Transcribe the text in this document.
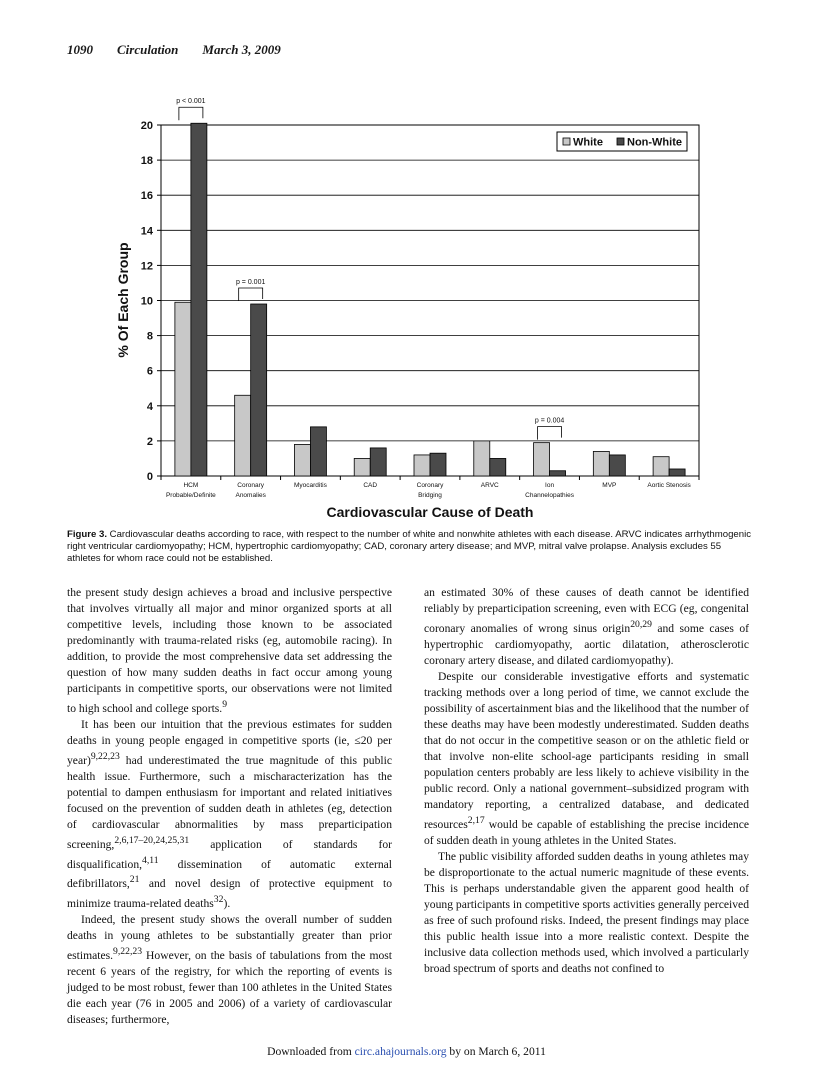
1090 Circulation March 3, 2009
0
2
4
6
8
10
12
14
16
18
20
HCM
Probable/Definite
Coronary
Anomalies
Myocarditis	CAD	Coronary
Bridging
ARVC	Ion
Channelopathies
MVP	Aortic Stenosis
p < 0.001
p = 0.001
p = 0.004
White Non-White
Cardiovascular Cause of Death
% Of Each Group
Figure 3. Cardiovascular deaths according to race, with respect to the number of white and nonwhite athletes with each disease. ARVC indicates arrhythmogenic right ventricular cardiomyopathy; HCM, hypertrophic cardiomyopathy; CAD, coronary artery disease; and MVP, mitral valve prolapse. Analysis excludes 55 athletes for whom race could not be established.

the present study design achieves a broad and inclusive perspective that involves virtually all major and minor organized sports at all competitive levels, including those known to be associated predominantly with trauma-related risks (eg, automobile racing). In addition, to provide the most comprehensive data set addressing the question of how many sudden deaths in fact occur among young participants in competitive sports, our observations were not limited to high school and college sports.$^9$

It has been our intuition that the previous estimates for sudden deaths in young people engaged in competitive sports (ie, ≤20 per year)$^{9,22,23}$ had underestimated the true magnitude of this public health issue. Furthermore, such a mischaracterization has the potential to dampen enthusiasm for important and related initiatives focused on the prevention of sudden death in athletes (eg, detection of cardiovascular abnormalities by mass preparticipation screening,$^{2,6,17-20,24,25,31}$ application of standards for disqualification,$^{4,11}$ dissemination of automatic external defibrillators,$^{21}$ and novel design of protective equipment to minimize trauma-related deaths$^{32}$).

Indeed, the present study shows the overall number of sudden deaths in young athletes to be substantially greater than prior estimates.$^{9,22,23}$ However, on the basis of tabulations from the most recent 6 years of the registry, for which the reporting of events is judged to be most robust, fewer than 100 athletes in the United States die each year (76 in 2005 and 2006) of a variety of cardiovascular diseases; furthermore,

an estimated 30% of these causes of death cannot be identified reliably by preparticipation screening, even with ECG (eg, congenital coronary anomalies of wrong sinus origin$^{20,29}$ and some cases of hypertrophic cardiomyopathy, aortic dilatation, atherosclerotic coronary artery disease, and dilated cardiomyopathy).

Despite our considerable investigative efforts and systematic tracking methods over a long period of time, we cannot exclude the possibility of ascertainment bias and the likelihood that the number of these deaths may have been modestly underestimated. Sudden deaths that do not occur in the competitive season or on the athletic field or that involve non-elite school-age participants residing in small population centers probably are less likely to achieve visibility in the public record. Only a national government–subsidized program with mandatory reporting, a centralized database, and dedicated resources$^{2,17}$ would be capable of establishing the precise incidence of sudden death in young athletes in the United States.

The public visibility afforded sudden deaths in young athletes may be disproportionate to the actual numeric magnitude of these events. This is perhaps understandable given the apparent good health of young participants in competitive sports activities generally perceived as free of such profound risks. Indeed, the present findings may place this public health issue into a more realistic context. Despite the inclusive data collection methods used, which involved a particularly broad spectrum of sports and deaths not confined to

Downloaded from circ.ahajournals.org by on March 6, 2011
